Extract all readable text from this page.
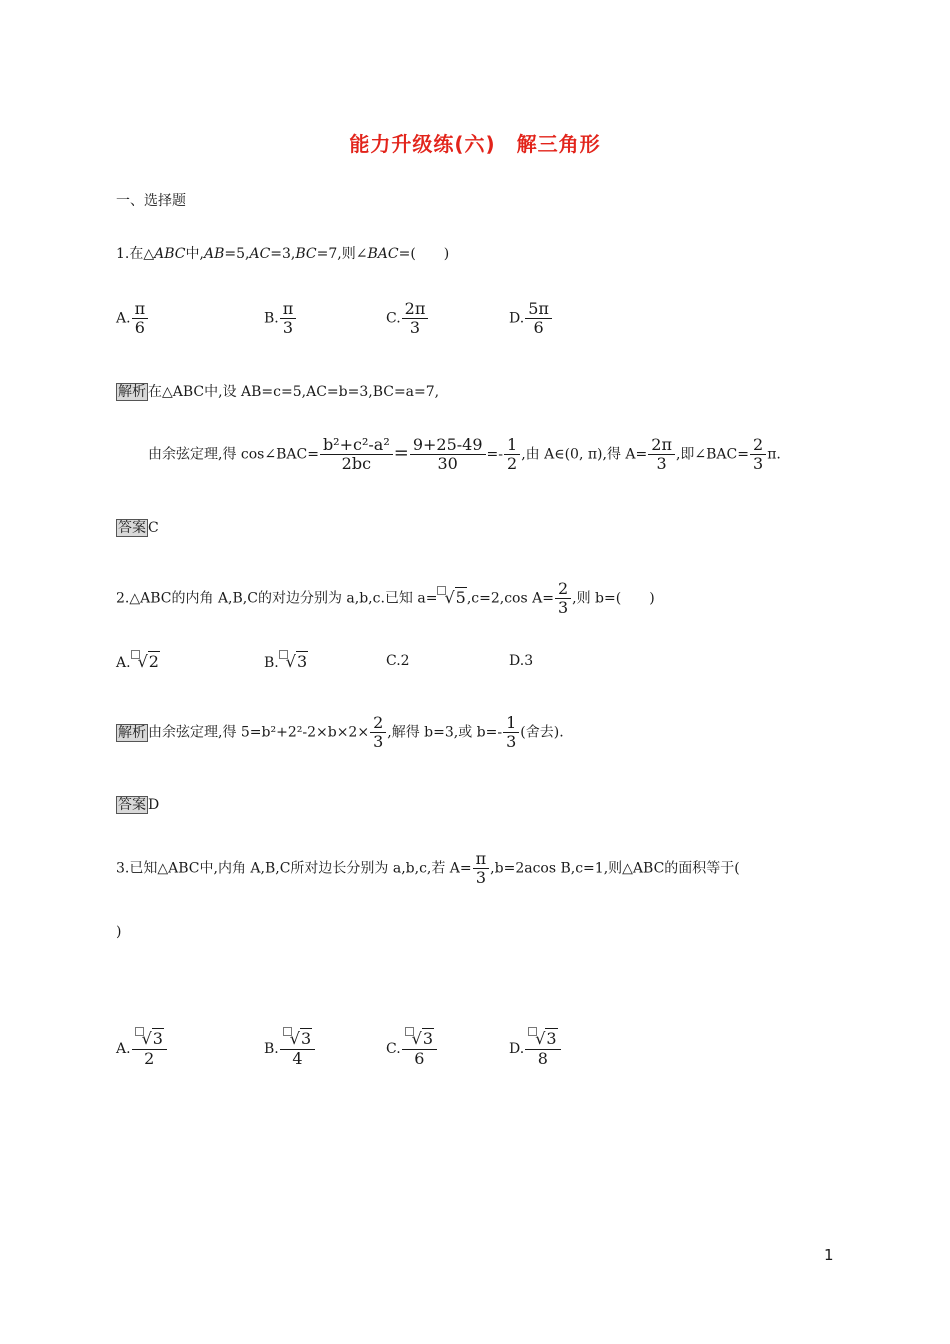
能力升级练(六)　解三角形
一、选择题
1.在△ABC中,AB=5,AC=3,BC=7,则∠BAC=(　　)
A. $\frac{\pi}{6}$	B. $\frac{\pi}{3}$	C. $\frac{2\pi}{3}$	D. $\frac{5\pi}{6}$
解析 在△ABC中,设 AB=c=5,AC=b=3,BC=a=7,
由余弦定理,得 cos∠BAC= $\frac{\text{b²+c²-a²}}{2bc} = \frac{9+25-49}{30} =- \frac{1}{2}$ ,由 A∈(0, π),得 $A= \frac{2\pi}{3}$ ,即∠BAC= $\frac{2}{3} \pi$.
答案 C
2.△ABC的内角 A,B,C的对边分别为 a,b,c.已知 a= √5,c=2,cos $A= \frac{2}{3}$ ,则 b=(　　)
A. √2	B. √3	C.2	D.3
解析 由余弦定理,得 $5=b^2+2^2-2\times b\times 2\times \frac{2}{3}$ ,解得 b=3,或 $b=- \frac{1}{3}$ (舍去).
答案 D
3.已知△ABC中,内角 A,B,C所对边长分别为 a,b,c,若 $A= \frac{\pi}{3} ,b=2acos$ B,c=1,则△ABC的面积等于(
)
A. $\frac{√3}{2}$	B. $\frac{√3}{4}$	C. $\frac{√3}{6}$	D. $\frac{√3}{8}$
1
